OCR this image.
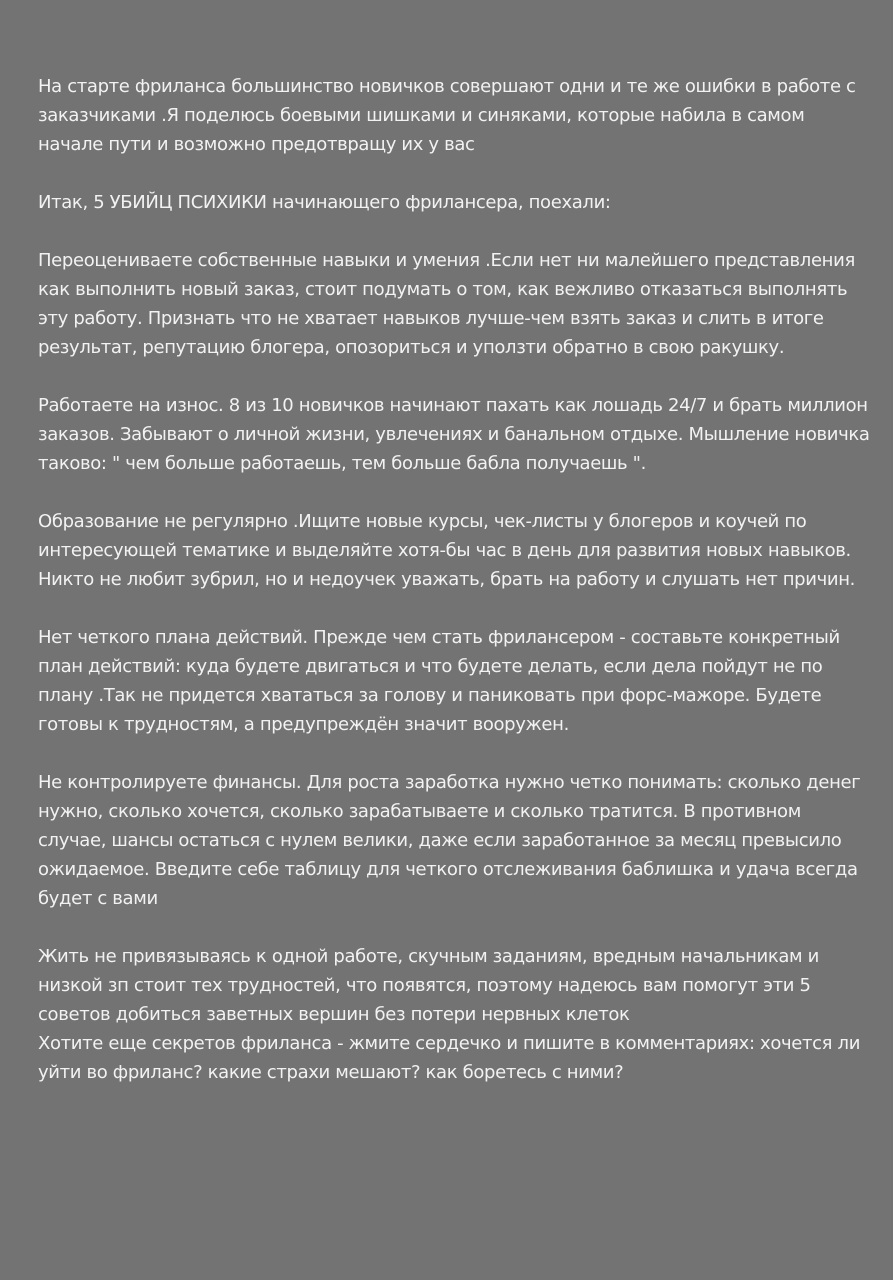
На старте фриланса большинство новичков совершают одни и те же ошибки в работе с заказчиками .Я поделюсь боевыми шишками и синяками, которые набила в самом начале пути и возможно предотвращу их у вас

Итак, 5 УБИЙЦ ПСИХИКИ начинающего фрилансера, поехали:

Переоцениваете собственные навыки и умения .Если нет ни малейшего представления как выполнить новый заказ, стоит подумать о том, как вежливо отказаться выполнять эту работу. Признать что не хватает навыков лучше-чем взять заказ и слить в итоге результат, репутацию блогера, опозориться и уползти обратно в свою ракушку.

Работаете на износ. 8 из 10 новичков начинают пахать как лошадь 24/7 и брать миллион заказов. Забывают о личной жизни, увлечениях и банальном отдыхе. Мышление новичка таково: " чем больше работаешь, тем больше бабла получаешь ".

Образование не регулярно .Ищите новые курсы, чек-листы у блогеров и коучей по интересующей тематике и выделяйте хотя-бы час в день для развития новых навыков. Никто не любит зубрил, но и недоучек уважать, брать на работу и слушать нет причин.

Нет четкого плана действий. Прежде чем стать фрилансером - составьте конкретный план действий: куда будете двигаться и что будете делать, если дела пойдут не по плану .Так не придется хвататься за голову и паниковать при форс-мажоре. Будете готовы к трудностям, а предупреждён значит вооружен.

Не контролируете финансы. Для роста заработка нужно четко понимать: сколько денег нужно, сколько хочется, сколько зарабатываете и сколько тратится. В противном случае, шансы остаться с нулем велики, даже если заработанное за месяц превысило ожидаемое. Введите себе таблицу для четкого отслеживания баблишка и удача всегда будет с вами

Жить не привязываясь к одной работе, скучным заданиям, вредным начальникам и низкой зп стоит тех трудностей, что появятся, поэтому надеюсь вам помогут эти 5 советов добиться заветных вершин без потери нервных клеток

Хотите еще секретов фриланса - жмите сердечко и пишите в комментариях: хочется ли уйти во фриланс? какие страхи мешают? как боретесь с ними?
